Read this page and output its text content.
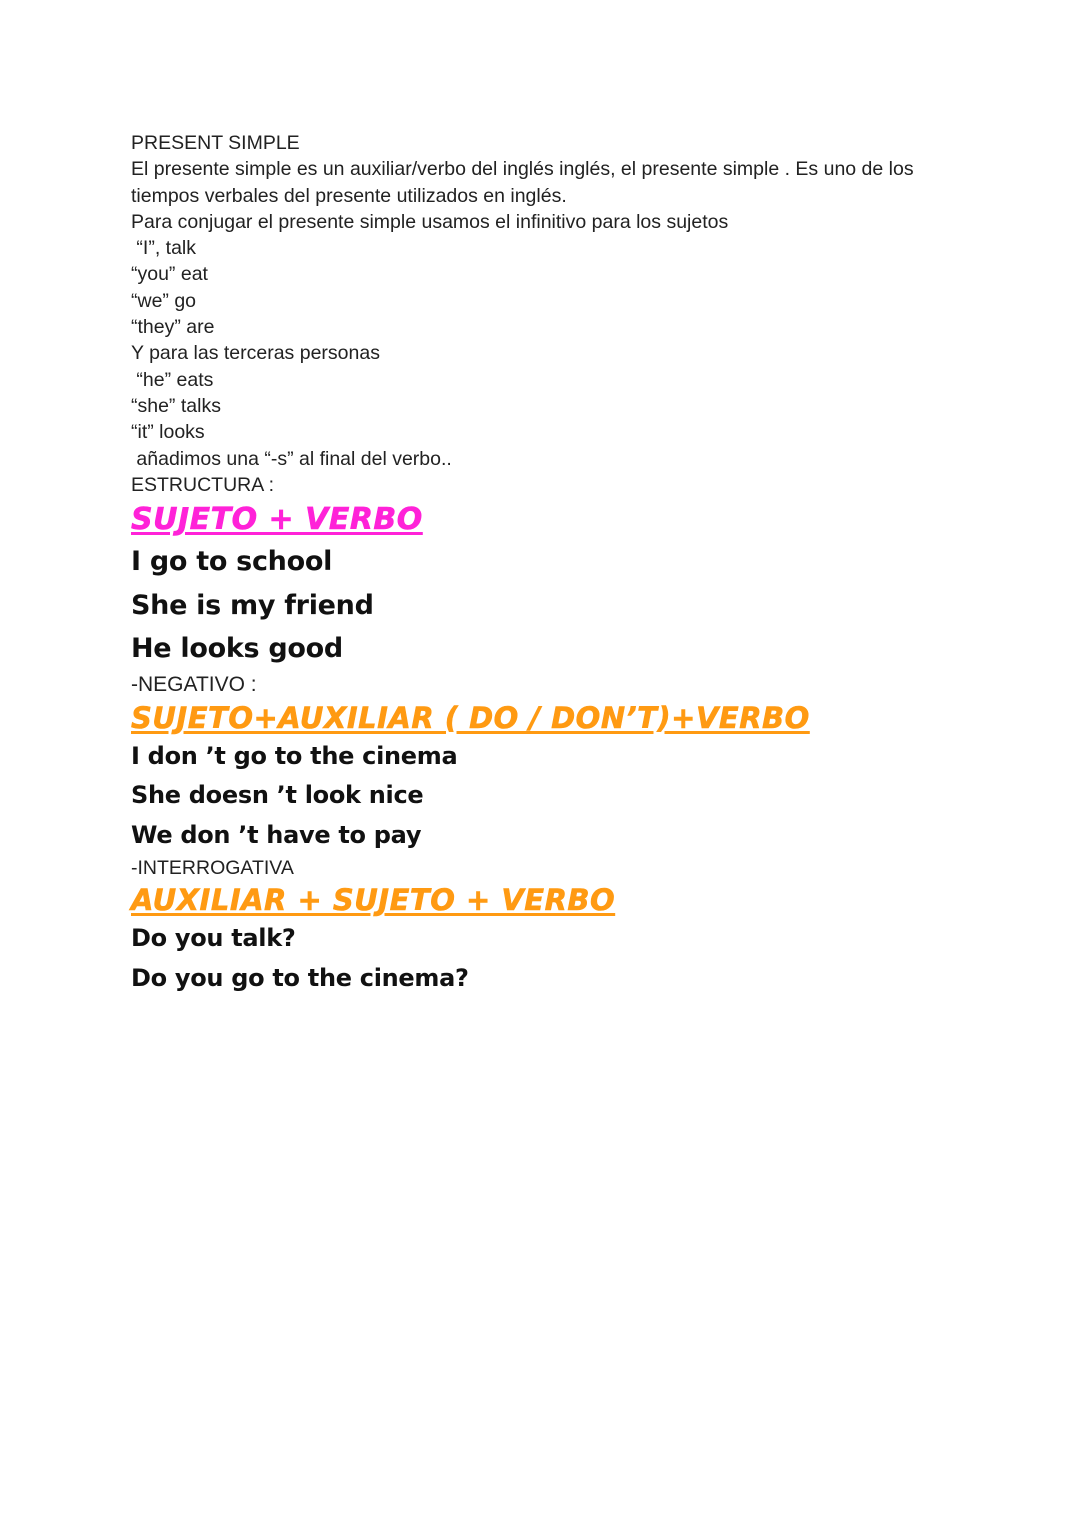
PRESENT SIMPLE

El presente simple es un auxiliar/verbo del inglés inglés, el presente simple . Es uno de los

tiempos verbales del presente utilizados en inglés.

Para conjugar el presente simple usamos el infinitivo para los sujetos

“I”, talk

“you” eat

“we” go

“they” are

Y para las terceras personas

“he” eats

“she” talks

“it” looks

añadimos una “-s” al final del verbo..

ESTRUCTURA :

SUJETO + VERBO

I go to school

She is my friend

He looks good

-NEGATIVO :

SUJETO+AUXILIAR ( DO / DON’T)+VERBO

I don ’t go to the cinema

She doesn ’t look nice

We don ’t have to pay

-INTERROGATIVA

AUXILIAR + SUJETO + VERBO

Do you talk?

Do you go to the cinema?
